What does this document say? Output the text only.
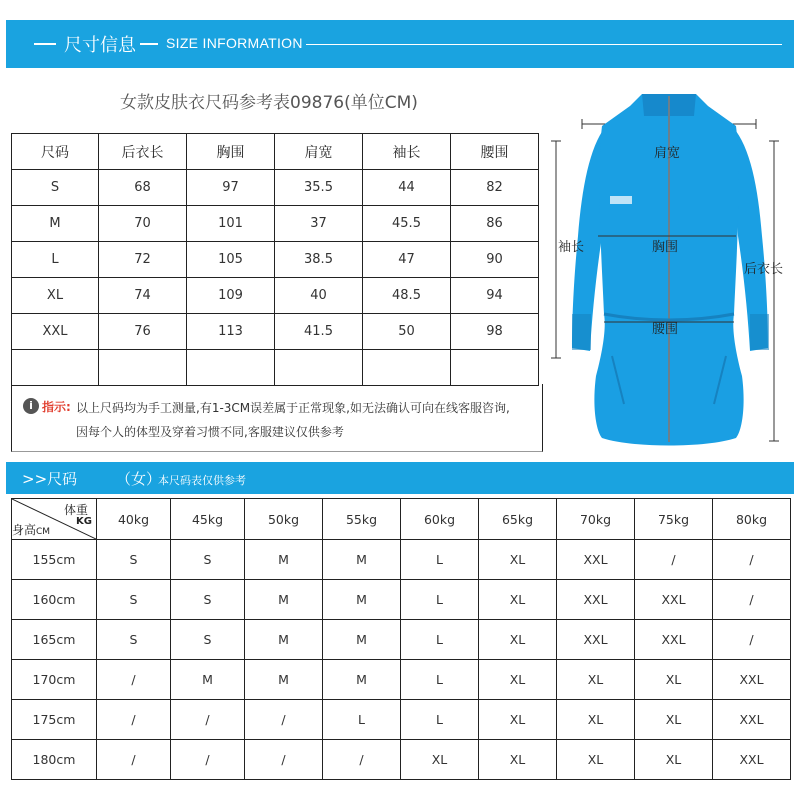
尺寸信息 SIZE INFORMATION
女款皮肤衣尺码参考表09876(单位CM)
尺码	后衣长	胸围	肩宽	袖长	腰围
S	68	97	35.5	44	82
M	70	101	37	45.5	86
L	72	105	38.5	47	90
XL	74	109	40	48.5	94
XXL	76	113	41.5	50	98

i 指示: 以上尺码均为手工测量,有1-3CM误差属于正常现象,如无法确认可向在线客服咨询,
因每个人的体型及穿着习惯不同,客服建议仅供参考
肩宽
胸围
袖长
后衣长
腰围
>>尺码	（女）
本尺码表仅供参考
体重
KG
身高CM	40kg	45kg	50kg	55kg	60kg	65kg	70kg	75kg	80kg
155cm	S	S	M	M	L	XL	XXL	/	/
160cm	S	S	M	M	L	XL	XXL	XXL	/
165cm	S	S	M	M	L	XL	XXL	XXL	/
170cm	/	M	M	M	L	XL	XL	XL	XXL
175cm	/	/	/	L	L	XL	XL	XL	XXL
180cm	/	/	/	/	XL	XL	XL	XL	XXL
